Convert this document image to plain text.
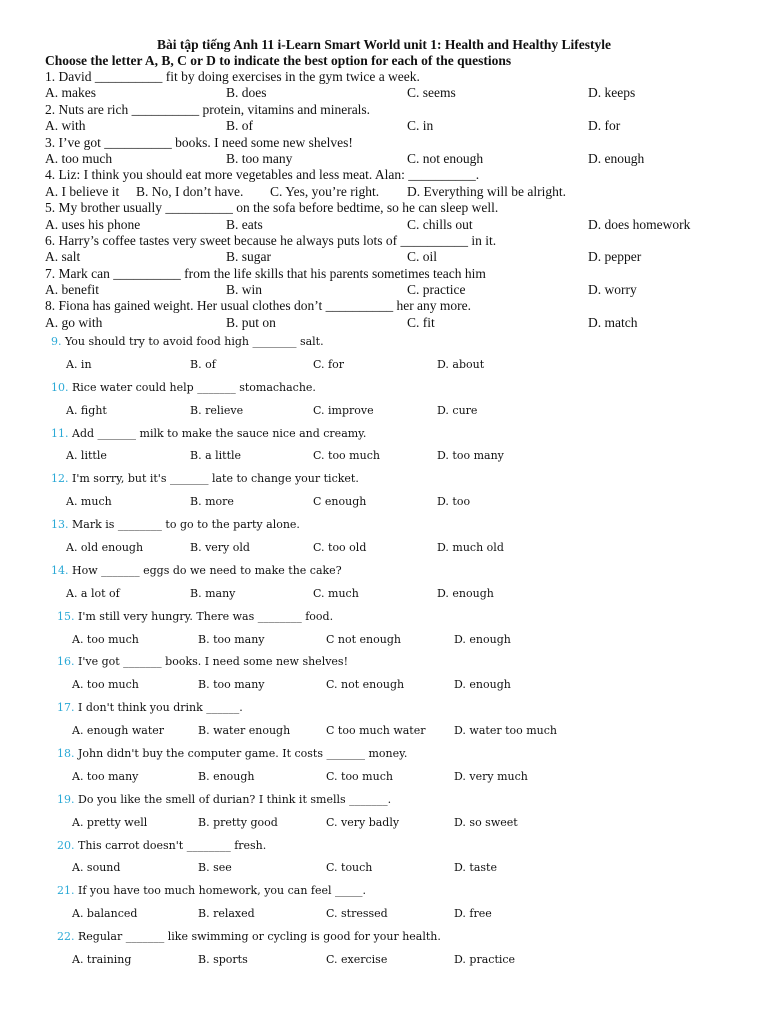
Bài tập tiếng Anh 11 i-Learn Smart World unit 1: Health and Healthy Lifestyle
Choose the letter A, B, C or D to indicate the best option for each of the questions
1. David __________ fit by doing exercises in the gym twice a week.
A. makes	B. does	C. seems	D. keeps
2. Nuts are rich __________ protein, vitamins and minerals.
A. with	B. of	C. in	D. for
3. I’ve got __________ books. I need some new shelves!
A. too much	B. too many	C. not enough	D. enough
4. Liz: I think you should eat more vegetables and less meat. Alan: __________.
A. I believe it B. No, I don’t have. C. Yes, you’re right. D. Everything will be alright.
5. My brother usually __________ on the sofa before bedtime, so he can sleep well.
A. uses his phone	B. eats	C. chills out	D. does homework
6. Harry’s coffee tastes very sweet because he always puts lots of __________ in it.
A. salt	B. sugar	C. oil	D. pepper
7. Mark can __________ from the life skills that his parents sometimes teach him
A. benefit	B. win	C. practice	D. worry
8. Fiona has gained weight. Her usual clothes don’t __________ her any more.
A. go with	B. put on	C. fit	D. match
9. You should try to avoid food high ________ salt.
A. in	B. of	C. for	D. about
10. Rice water could help _______ stomachache.
A. fight	B. relieve	C. improve	D. cure
11. Add _______ milk to make the sauce nice and creamy.
A. little	B. a little	C. too much	D. too many
12. I'm sorry, but it's _______ late to change your ticket.
A. much	B. more	C enough	D. too
13. Mark is ________ to go to the party alone.
A. old enough	B. very old	C. too old	D. much old
14. How _______ eggs do we need to make the cake?
A. a lot of	B. many	C. much	D. enough
15. I'm still very hungry. There was ________ food.
A. too much	B. too many	C not enough	D. enough
16. I've got _______ books. I need some new shelves!
A. too much	B. too many	C. not enough	D. enough
17. I don't think you drink ______.
A. enough water	B. water enough	C too much water	D. water too much
18. John didn't buy the computer game. It costs _______ money.
A. too many	B. enough	C. too much	D. very much
19. Do you like the smell of durian? I think it smells _______.
A. pretty well	B. pretty good	C. very badly	D. so sweet
20. This carrot doesn't ________ fresh.
A. sound	B. see	C. touch	D. taste
21. If you have too much homework, you can feel _____.
A. balanced	B. relaxed	C. stressed	D. free
22. Regular _______ like swimming or cycling is good for your health.
A. training	B. sports	C. exercise	D. practice
